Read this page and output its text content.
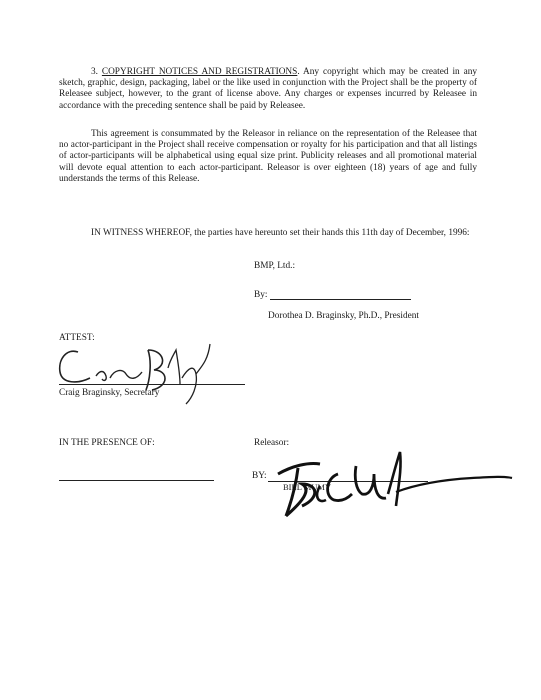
3. COPYRIGHT NOTICES AND REGISTRATIONS. Any copyright which may be created in any sketch, graphic, design, packaging, label or the like used in conjunction with the Project shall be the property of Releasee subject, however, to the grant of license above. Any charges or expenses incurred by Releasee in accordance with the preceding sentence shall be paid by Releasee.

This agreement is consummated by the Releasor in reliance on the representation of the Releasee that no actor-participant in the Project shall receive compensation or royalty for his participation and that all listings of actor-participants will be alphabetical using equal size print. Publicity releases and all promotional material will devote equal attention to each actor-participant. Releasor is over eighteen (18) years of age and fully understands the terms of this Release.

IN WITNESS WHEREOF, the parties have hereunto set their hands this 11th day of December, 1996:

BMP, Ltd.:
By:
Dorothea D. Braginsky, Ph.D., President
ATTEST:
Craig Braginsky, Secretary
IN THE PRESENCE OF:	Releasor:
BY:
BILL MUMY
